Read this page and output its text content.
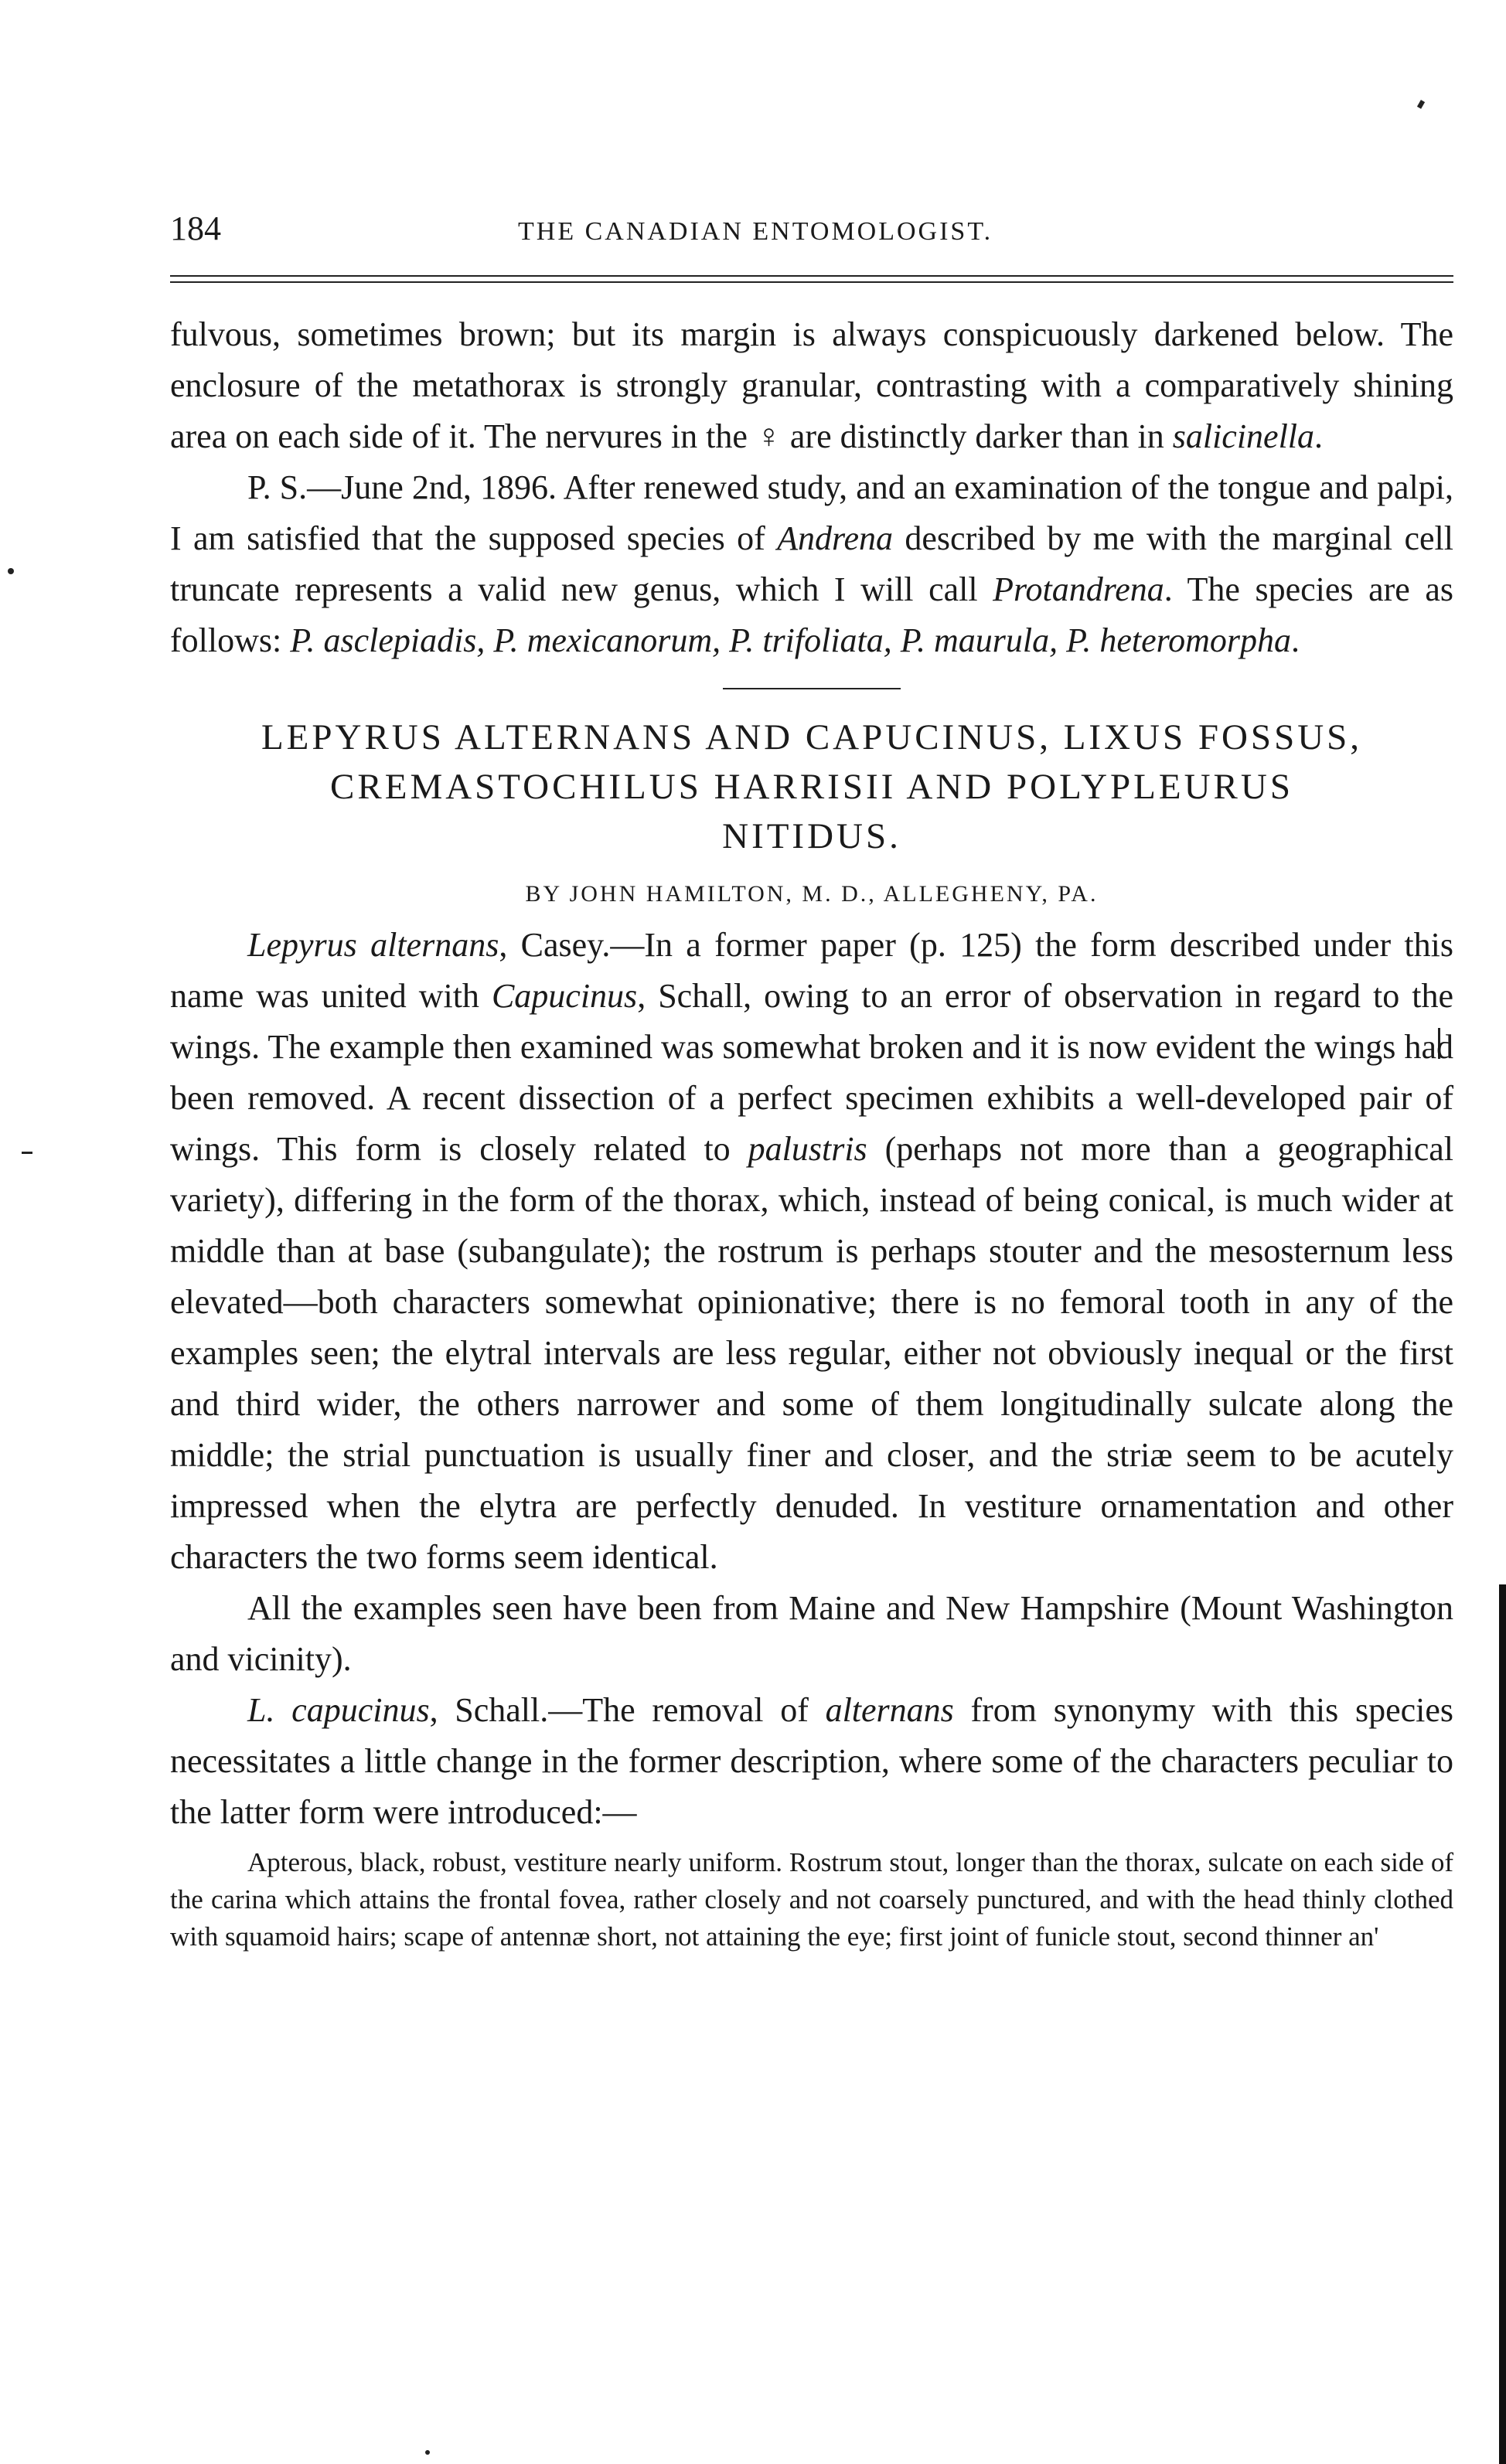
184	THE CANADIAN ENTOMOLOGIST.

fulvous, sometimes brown; but its margin is always conspicuously darkened below. The enclosure of the metathorax is strongly granular, contrasting with a comparatively shining area on each side of it. The nervures in the ♀ are distinctly darker than in salicinella.

P. S.—June 2nd, 1896. After renewed study, and an examination of the tongue and palpi, I am satisfied that the supposed species of Andrena described by me with the marginal cell truncate represents a valid new genus, which I will call Protandrena. The species are as follows: P. asclepiadis, P. mexicanorum, P. trifoliata, P. maurula, P. heteromorpha.

LEPYRUS ALTERNANS AND CAPUCINUS, LIXUS FOSSUS,
CREMASTOCHILUS HARRISII AND POLYPLEURUS
NITIDUS.
BY JOHN HAMILTON, M. D., ALLEGHENY, PA.

Lepyrus alternans, Casey.—In a former paper (p. 125) the form described under this name was united with Capucinus, Schall, owing to an error of observation in regard to the wings. The example then examined was somewhat broken and it is now evident the wings had been removed. A recent dissection of a perfect specimen exhibits a well-developed pair of wings. This form is closely related to palustris (perhaps not more than a geographical variety), differing in the form of the thorax, which, instead of being conical, is much wider at middle than at base (subangulate); the rostrum is perhaps stouter and the mesosternum less elevated—both characters somewhat opinionative; there is no femoral tooth in any of the examples seen; the elytral intervals are less regular, either not obviously inequal or the first and third wider, the others narrower and some of them longitudinally sulcate along the middle; the strial punctuation is usually finer and closer, and the striæ seem to be acutely impressed when the elytra are perfectly denuded. In vestiture ornamentation and other characters the two forms seem identical.

All the examples seen have been from Maine and New Hampshire (Mount Washington and vicinity).

L. capucinus, Schall.—The removal of alternans from synonymy with this species necessitates a little change in the former description, where some of the characters peculiar to the latter form were introduced:—

Apterous, black, robust, vestiture nearly uniform. Rostrum stout, longer than the thorax, sulcate on each side of the carina which attains the frontal fovea, rather closely and not coarsely punctured, and with the head thinly clothed with squamoid hairs; scape of antennæ short, not attaining the eye; first joint of funicle stout, second thinner an'
